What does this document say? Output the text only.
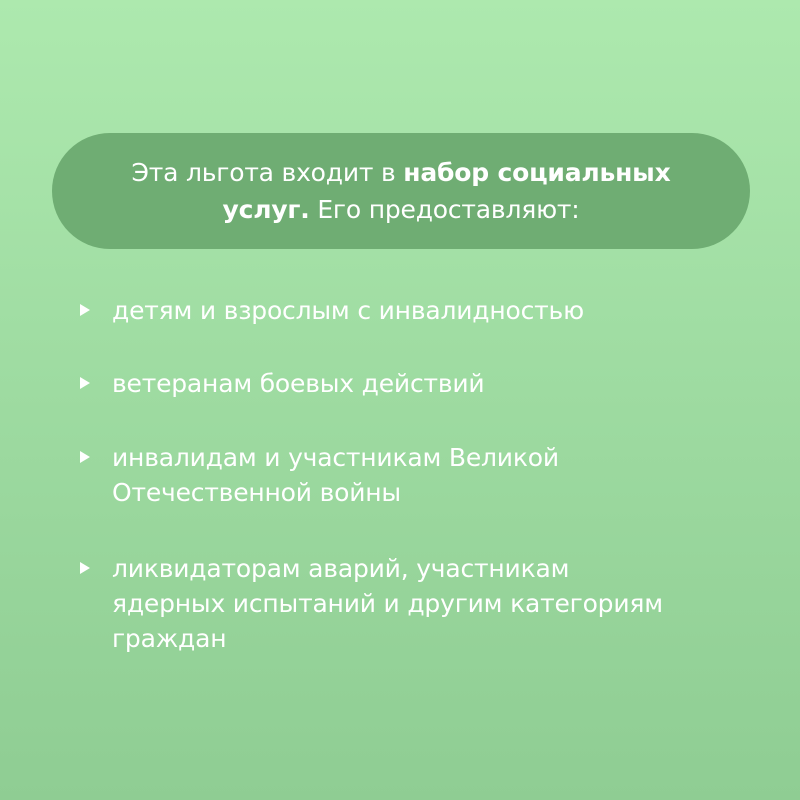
Эта льгота входит в набор социальных услуг. Его предоставляют:
детям и взрослым с инвалидностью
ветеранам боевых действий
инвалидам и участникам Великой Отечественной войны
ликвидаторам аварий, участникам ядерных испытаний и другим категориям граждан
